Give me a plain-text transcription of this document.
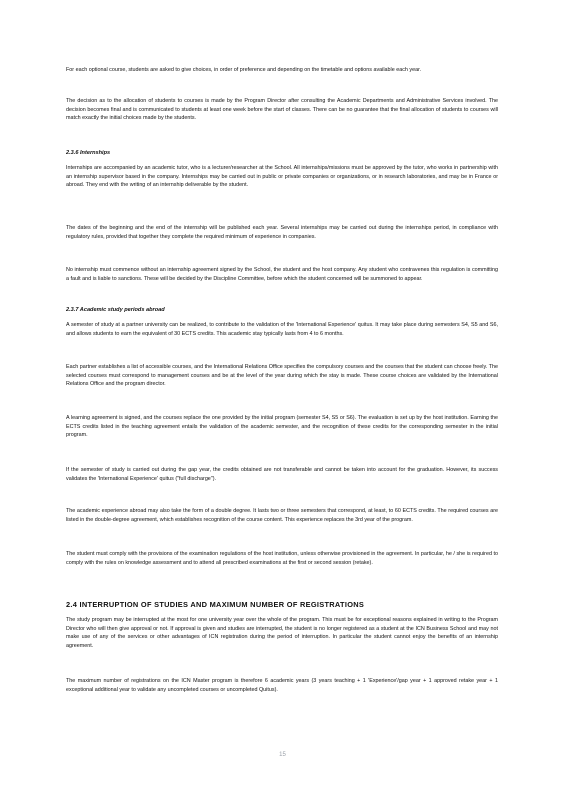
For each optional course, students are asked to give choices, in order of preference and depending on the timetable and options available each year.

The decision as to the allocation of students to courses is made by the Program Director after consulting the Academic Departments and Administrative Services involved. The decision becomes final and is communicated to students at least one week before the start of classes. There can be no guarantee that the final allocation of students to courses will match exactly the initial choices made by the students.

2.3.6 Internships

Internships are accompanied by an academic tutor, who is a lecturer/researcher at the School. All internships/missions must be approved by the tutor, who works in partnership with an internship supervisor based in the company. Internships may be carried out in public or private companies or organizations, or in research laboratories, and may be in France or abroad. They end with the writing of an internship deliverable by the student.

The dates of the beginning and the end of the internship will be published each year. Several internships may be carried out during the internships period, in compliance with regulatory rules, provided that together they complete the required minimum of experience in companies.

No internship must commence without an internship agreement signed by the School, the student and the host company. Any student who contravenes this regulation is committing a fault and is liable to sanctions. These will be decided by the Discipline Committee, before which the student concerned will be summoned to appear.

2.3.7 Academic study periods abroad

A semester of study at a partner university can be realized, to contribute to the validation of the 'International Experience' quitus. It may take place during semesters S4, S5 and S6, and allows students to earn the equivalent of 30 ECTS credits. This academic stay typically lasts from 4 to 6 months.

Each partner establishes a list of accessible courses, and the International Relations Office specifies the compulsory courses and the courses that the student can choose freely. The selected courses must correspond to management courses and be at the level of the year during which the stay is made. These course choices are validated by the International Relations Office and the program director.

A learning agreement is signed, and the courses replace the one provided by the initial program (semester S4, S5 or S6). The evaluation is set up by the host institution. Earning the ECTS credits listed in the teaching agreement entails the validation of the academic semester, and the recognition of these credits for the corresponding semester in the initial program.

If the semester of study is carried out during the gap year, the credits obtained are not transferable and cannot be taken into account for the graduation. However, its success validates the 'International Experience' quitus ("full discharge").

The academic experience abroad may also take the form of a double degree. It lasts two or three semesters that correspond, at least, to 60 ECTS credits. The required courses are listed in the double-degree agreement, which establishes recognition of the course content. This experience replaces the 3rd year of the program.

The student must comply with the provisions of the examination regulations of the host institution, unless otherwise provisioned in the agreement. In particular, he / she is required to comply with the rules on knowledge assessment and to attend all prescribed examinations at the first or second session (retake).

2.4 INTERRUPTION OF STUDIES AND MAXIMUM NUMBER OF REGISTRATIONS

The study program may be interrupted at the most for one university year over the whole of the program. This must be for exceptional reasons explained in writing to the Program Director who will then give approval or not. If approval is given and studies are interrupted, the student is no longer registered as a student at the ICN Business School and may not make use of any of the services or other advantages of ICN registration during the period of interruption. In particular the student cannot enjoy the benefits of an internship agreement.

The maximum number of registrations on the ICN Master program is therefore 6 academic years (3 years teaching + 1 'Experience'/gap year + 1 approved retake year + 1 exceptional additional year to validate any uncompleted courses or uncompleted Quitus).

15
